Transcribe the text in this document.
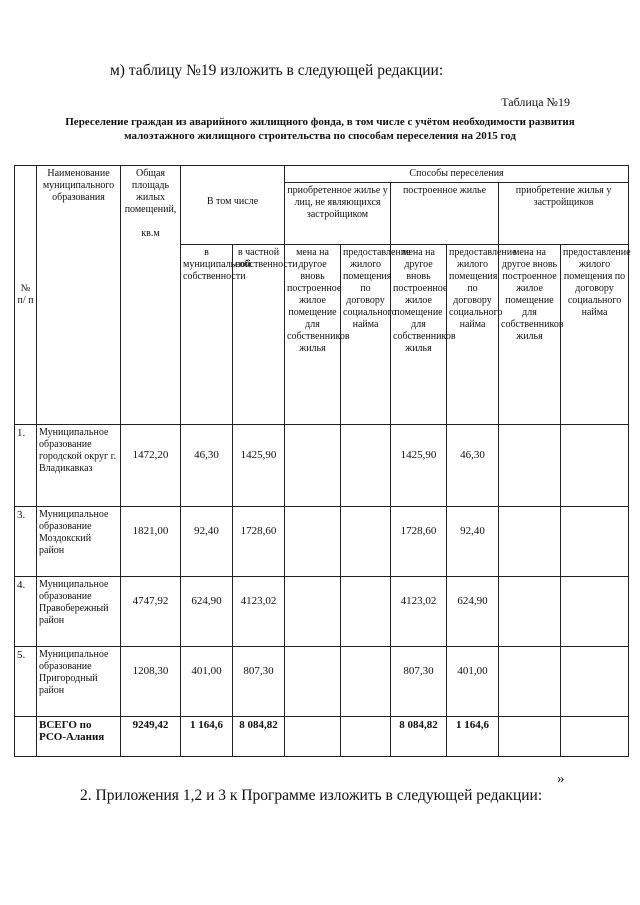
м) таблицу №19 изложить в следующей редакции:
Таблица №19
Переселение граждан из аварийного жилищного фонда, в том числе с учётом необходимости развития малоэтажного жилищного строительства по способам переселения на 2015 год
№ п/ п	Наименование муниципального образования	Общая площадь жилых помещений,

кв.м	В том числе		Способы переселения					
					приобретенное жилье у лиц, не являющихся застройщиком		построенное жилье		приобретение жилья у застройщиков	
			в муниципальной собственности	в частной собственности	мена на другое вновь построенное жилое помещение для собственников жилья	предоставление жилого помещения по договору социального найма	мена на другое вновь построенное жилое помещение для собственников жилья	предоставление жилого помещения по договору социального найма	мена на другое вновь построенное жилое помещение для собственников жилья	предоставление жилого помещения по договору социального найма
1.	Муниципальное образование городской округ г. Владикавказ	1472,20	46,30	1425,90			1425,90	46,30		
3.	Муниципальное образование Моздокский район	1821,00	92,40	1728,60			1728,60	92,40		
4.	Муниципальное образование Правобережный район	4747,92	624,90	4123,02			4123,02	624,90		
5.	Муниципальное образование Пригородный район	1208,30	401,00	807,30			807,30	401,00		
	ВСЕГО по РСО-Алания	9249,42	1 164,6	8 084,82			8 084,82	1 164,6		
»
2. Приложения 1,2 и 3 к Программе изложить в следующей редакции:
